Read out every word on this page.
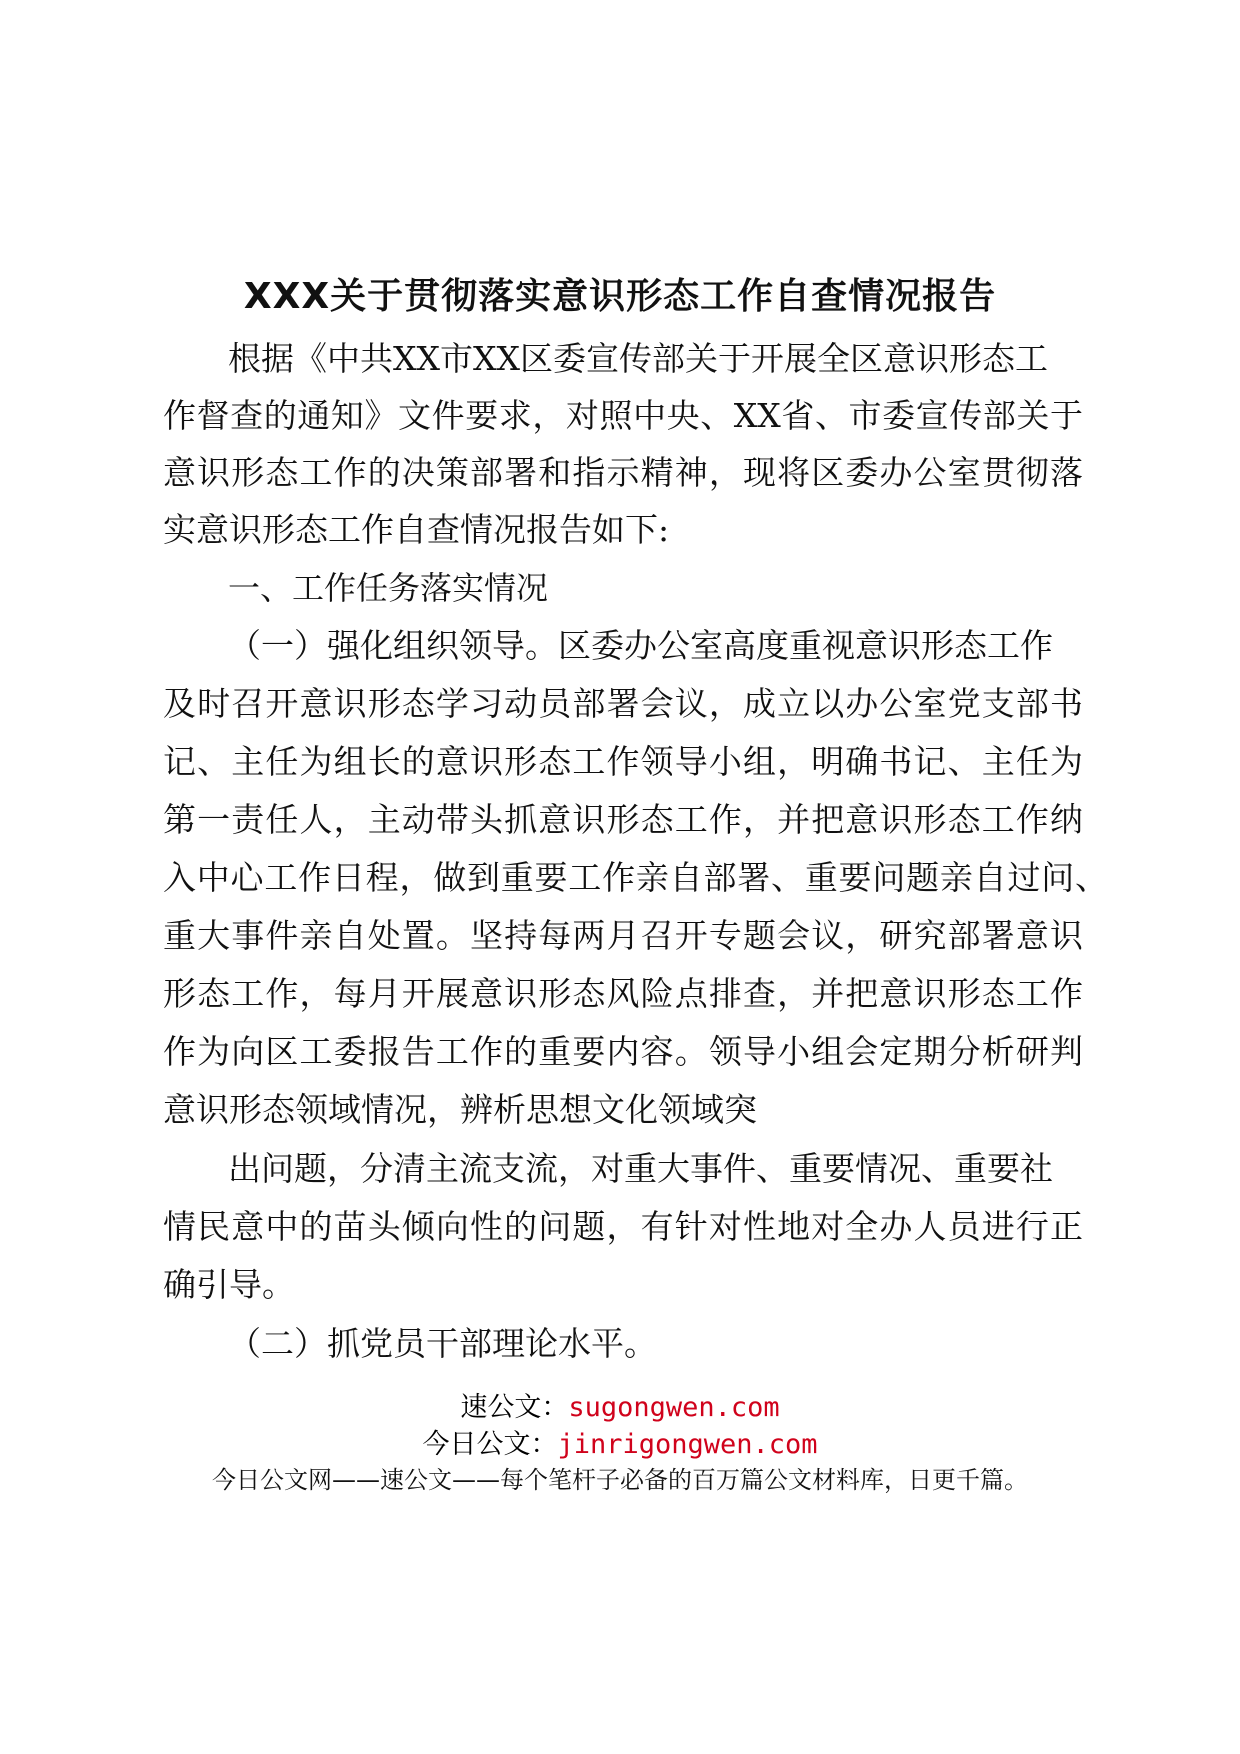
XXX关于贯彻落实意识形态工作自查情况报告
根据《中共XX市XX区委宣传部关于开展全区意识形态工
作督查的通知》文件要求，对照中央、XX省、市委宣传部关于
意识形态工作的决策部署和指示精神，现将区委办公室贯彻落
实意识形态工作自查情况报告如下:
一、工作任务落实情况
（一）强化组织领导。区委办公室高度重视意识形态工作
及时召开意识形态学习动员部署会议，成立以办公室党支部书
记、主任为组长的意识形态工作领导小组，明确书记、主任为
第一责任人，主动带头抓意识形态工作，并把意识形态工作纳
入中心工作日程，做到重要工作亲自部署、重要问题亲自过问、
重大事件亲自处置。坚持每两月召开专题会议，研究部署意识
形态工作，每月开展意识形态风险点排查，并把意识形态工作
作为向区工委报告工作的重要内容。领导小组会定期分析研判
意识形态领域情况，辨析思想文化领域突
出问题，分清主流支流，对重大事件、重要情况、重要社
情民意中的苗头倾向性的问题，有针对性地对全办人员进行正
确引导。
（二）抓党员干部理论水平。
速公文：sugongwen.com
今日公文：jinrigongwen.com
今日公文网——速公文——每个笔杆子必备的百万篇公文材料库，日更千篇。
